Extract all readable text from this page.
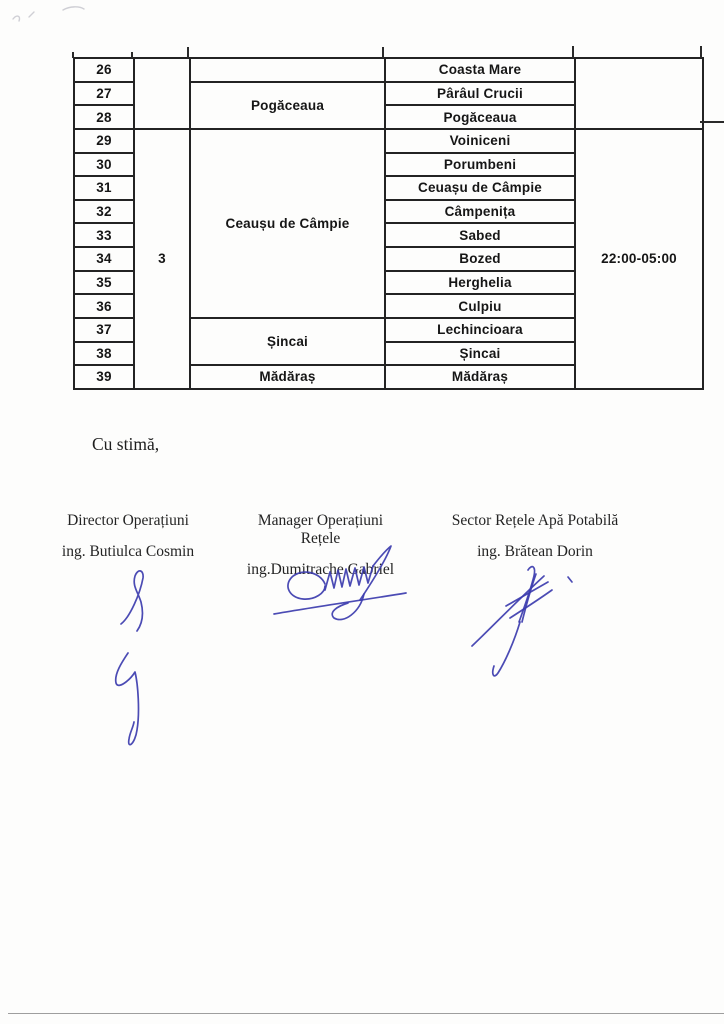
26			Coasta Mare	
27		Pogăceaua	Pârâul Crucii	
28			Pogăceaua	
29	3	Ceaușu de Câmpie	Voiniceni	22:00-05:00
30			Porumbeni	
31			Ceuașu de Câmpie	
32			Câmpenița	
33			Sabed	
34			Bozed	
35			Herghelia	
36			Culpiu	
37		Șincai	Lechincioara	
38			Șincai	
39		Mădăraș	Mădăraș	

Cu stimă,

Director Operațiuni
ing. Butiulca Cosmin
Manager Operațiuni Rețele
ing.Dumitrache Gabriel
Sector Rețele Apă Potabilă
ing. Brătean Dorin
